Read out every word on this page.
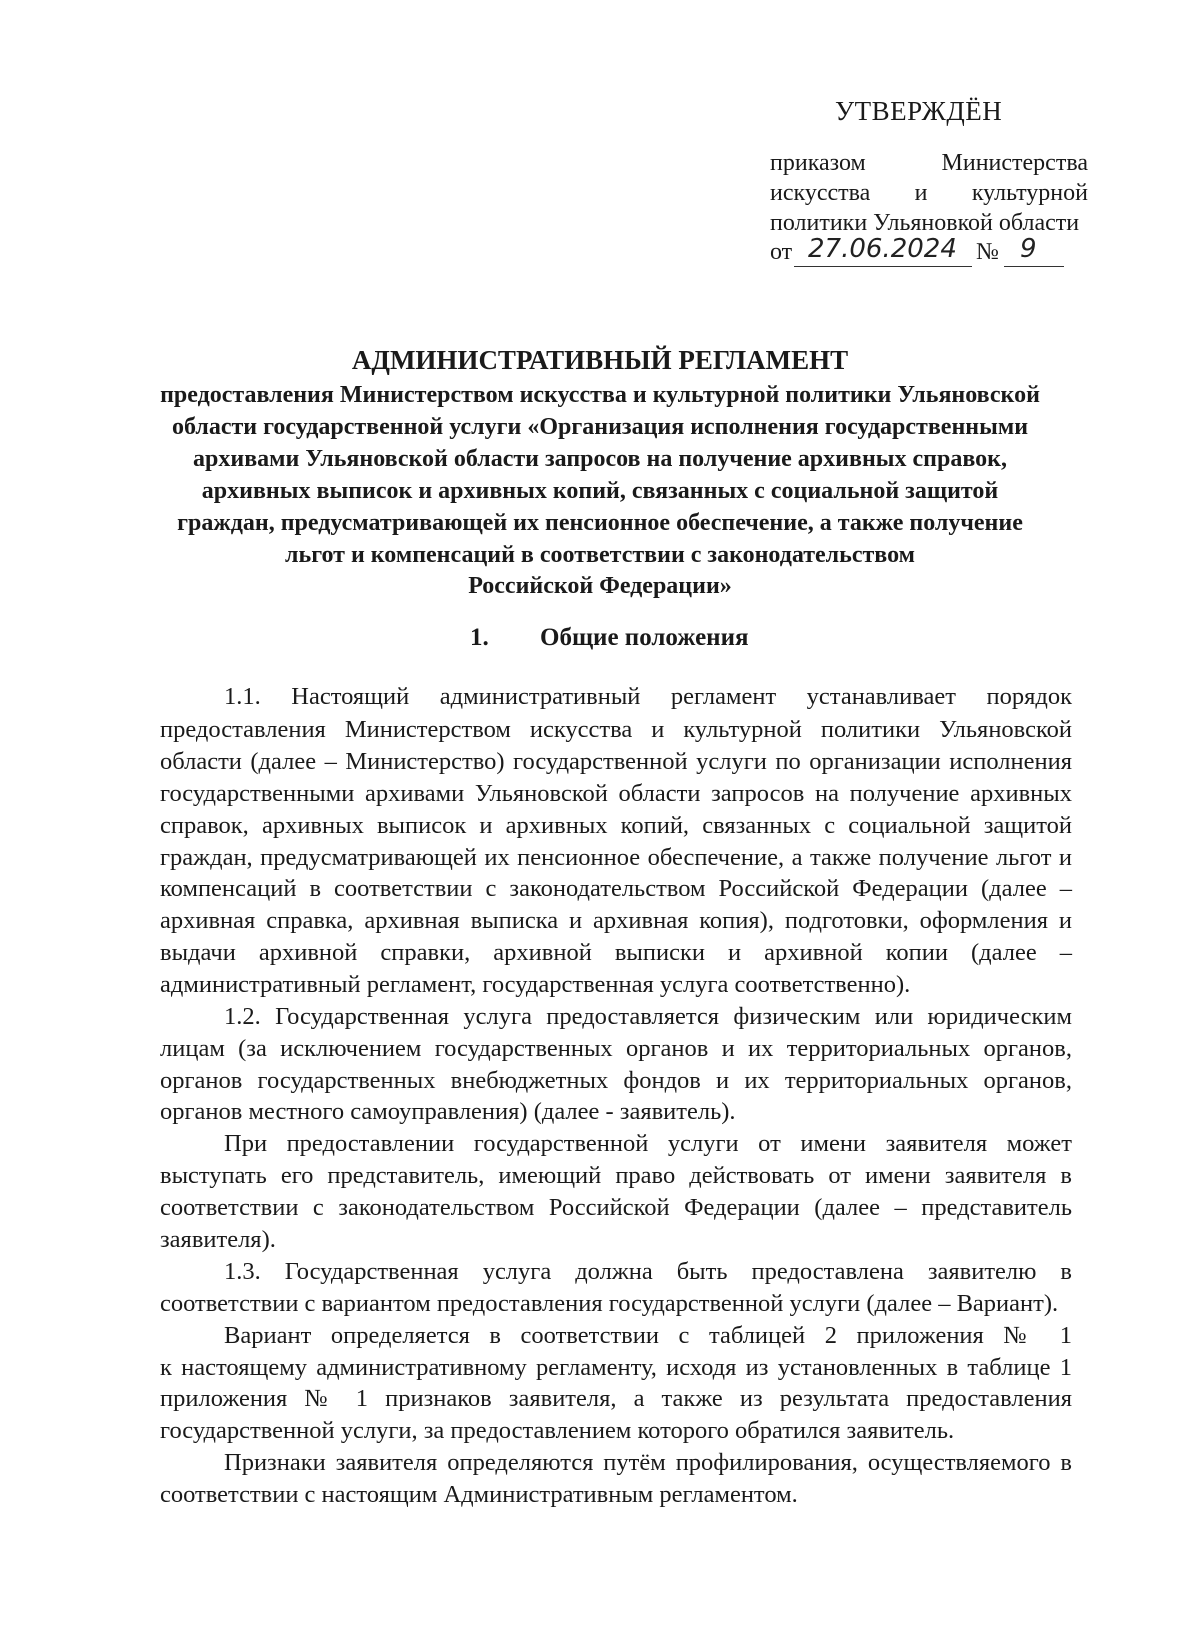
УТВЕРЖДЁН
приказом	Министерства
искусства и культурной
политики Ульяновкой области
от 27.06.2024 № 9
АДМИНИСТРАТИВНЫЙ РЕГЛАМЕНТ
предоставления Министерством искусства и культурной политики Ульяновской
области государственной услуги «Организация исполнения государственными
архивами Ульяновской области запросов на получение архивных справок,
архивных выписок и архивных копий, связанных с социальной защитой
граждан, предусматривающей их пенсионное обеспечение, а также получение
льгот и компенсаций в соответствии с законодательством
Российской Федерации»
1. Общие положения
1.1. Настоящий административный регламент устанавливает порядок
предоставления Министерством искусства и культурной политики Ульяновской
области (далее – Министерство) государственной услуги по организации исполнения
государственными архивами Ульяновской области запросов на получение архивных
справок, архивных выписок и архивных копий, связанных с социальной защитой
граждан, предусматривающей их пенсионное обеспечение, а также получение льгот и
компенсаций в соответствии с законодательством Российской Федерации (далее –
архивная справка, архивная выписка и архивная копия), подготовки, оформления и
выдачи архивной справки, архивной выписки и архивной копии (далее –
административный регламент, государственная услуга соответственно).
1.2. Государственная услуга предоставляется физическим или юридическим
лицам (за исключением государственных органов и их территориальных органов,
органов государственных внебюджетных фондов и их территориальных органов,
органов местного самоуправления) (далее - заявитель).
При предоставлении государственной услуги от имени заявителя может
выступать его представитель, имеющий право действовать от имени заявителя в
соответствии с законодательством Российской Федерации (далее – представитель
заявителя).
1.3. Государственная услуга должна быть предоставлена заявителю в
соответствии с вариантом предоставления государственной услуги (далее – Вариант).
Вариант определяется в соответствии с таблицей 2 приложения № 1
к настоящему административному регламенту, исходя из установленных в таблице 1
приложения № 1 признаков заявителя, а также из результата предоставления
государственной услуги, за предоставлением которого обратился заявитель.
Признаки заявителя определяются путём профилирования, осуществляемого в
соответствии с настоящим Административным регламентом.
